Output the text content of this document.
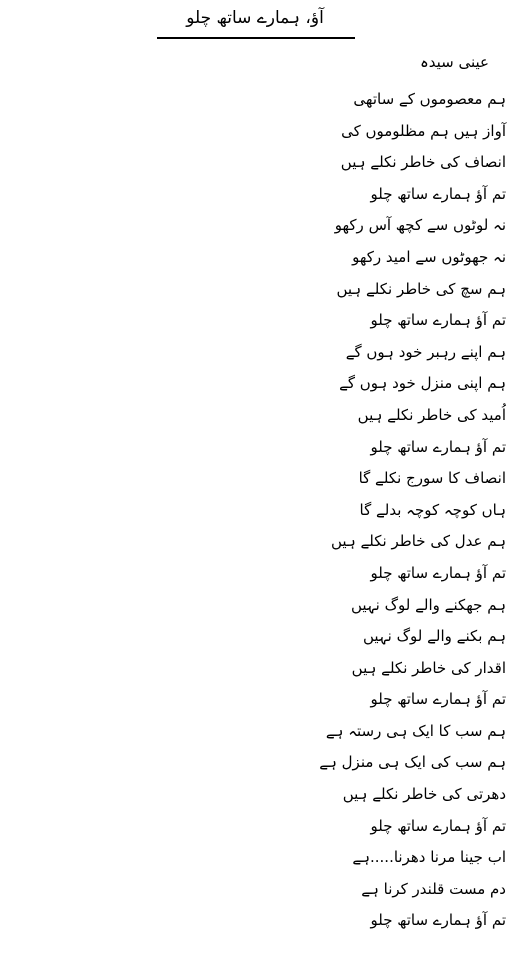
آؤ، ہمارے ساتھ چلو
عینی سیدہ
ہم معصوموں کے ساتھی
آواز ہیں ہم مظلوموں کی
انصاف کی خاطر نکلے ہیں
تم آؤ ہمارے ساتھ چلو
نہ لوٹوں سے کچھ آس رکھو
نہ جھوٹوں سے امید رکھو
ہم سچ کی خاطر نکلے ہیں
تم آؤ ہمارے ساتھ چلو
ہم اپنے رہبر خود ہوں گے
ہم اپنی منزل خود ہوں گے
اُمید کی خاطر نکلے ہیں
تم آؤ ہمارے ساتھ چلو
انصاف کا سورج نکلے گا
ہاں کوچہ کوچہ بدلے گا
ہم عدل کی خاطر نکلے ہیں
تم آؤ ہمارے ساتھ چلو
ہم جھکنے والے لوگ نہیں
ہم بکنے والے لوگ نہیں
اقدار کی خاطر نکلے ہیں
تم آؤ ہمارے ساتھ چلو
ہم سب کا ایک ہی رستہ ہے
ہم سب کی ایک ہی منزل ہے
دھرتی کی خاطر نکلے ہیں
تم آؤ ہمارے ساتھ چلو
اب جینا مرنا دھرنا.....ہے
دم مست قلندر کرنا ہے
تم آؤ ہمارے ساتھ چلو
